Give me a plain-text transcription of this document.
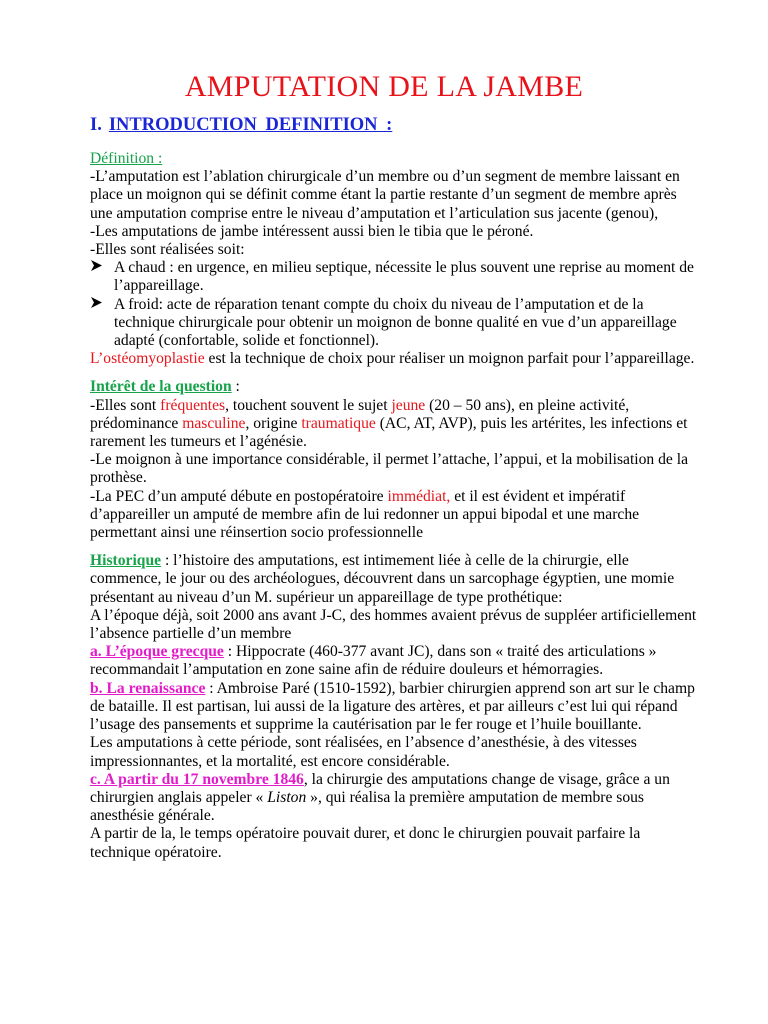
AMPUTATION DE LA JAMBE
I. INTRODUCTION DEFINITION :

Définition :

-L’amputation est l’ablation chirurgicale d’un membre ou d’un segment de membre laissant en place un moignon qui se définit comme étant la partie restante d’un segment de membre après une amputation comprise entre le niveau d’amputation et l’articulation sus jacente (genou),

-Les amputations de jambe intéressent aussi bien le tibia que le péroné.

-Elles sont réalisées soit:

A chaud : en urgence, en milieu septique, nécessite le plus souvent une reprise au moment de l’appareillage.
A froid: acte de réparation tenant compte du choix du niveau de l’amputation et de la technique chirurgicale pour obtenir un moignon de bonne qualité en vue d’un appareillage adapté (confortable, solide et fonctionnel).

L’ostéomyoplastie est la technique de choix pour réaliser un moignon parfait pour l’appareillage.

Intérêt de la question :

-Elles sont fréquentes, touchent souvent le sujet jeune (20 – 50 ans), en pleine activité, prédominance masculine, origine traumatique (AC, AT, AVP), puis les artérites, les infections et rarement les tumeurs et l’agénésie.

-Le moignon à une importance considérable, il permet l’attache, l’appui, et la mobilisation de la prothèse.

-La PEC d’un amputé débute en postopératoire immédiat, et il est évident et impératif d’appareiller un amputé de membre afin de lui redonner un appui bipodal et une marche permettant ainsi une réinsertion socio professionnelle

Historique : l’histoire des amputations, est intimement liée à celle de la chirurgie, elle commence, le jour ou des archéologues, découvrent dans un sarcophage égyptien, une momie présentant au niveau d’un M. supérieur un appareillage de type prothétique:

A l’époque déjà, soit 2000 ans avant J-C, des hommes avaient prévus de suppléer artificiellement l’absence partielle d’un membre

a. L’époque grecque : Hippocrate (460-377 avant JC), dans son « traité des articulations » recommandait l’amputation en zone saine afin de réduire douleurs et hémorragies.

b. La renaissance : Ambroise Paré (1510-1592), barbier chirurgien apprend son art sur le champ de bataille. Il est partisan, lui aussi de la ligature des artères, et par ailleurs c’est lui qui répand l’usage des pansements et supprime la cautérisation par le fer rouge et l’huile bouillante.

Les amputations à cette période, sont réalisées, en l’absence d’anesthésie, à des vitesses impressionnantes, et la mortalité, est encore considérable.

c. A partir du 17 novembre 1846, la chirurgie des amputations change de visage, grâce a un chirurgien anglais appeler « Liston », qui réalisa la première amputation de membre sous anesthésie générale.

A partir de la, le temps opératoire pouvait durer, et donc le chirurgien pouvait parfaire la technique opératoire.
